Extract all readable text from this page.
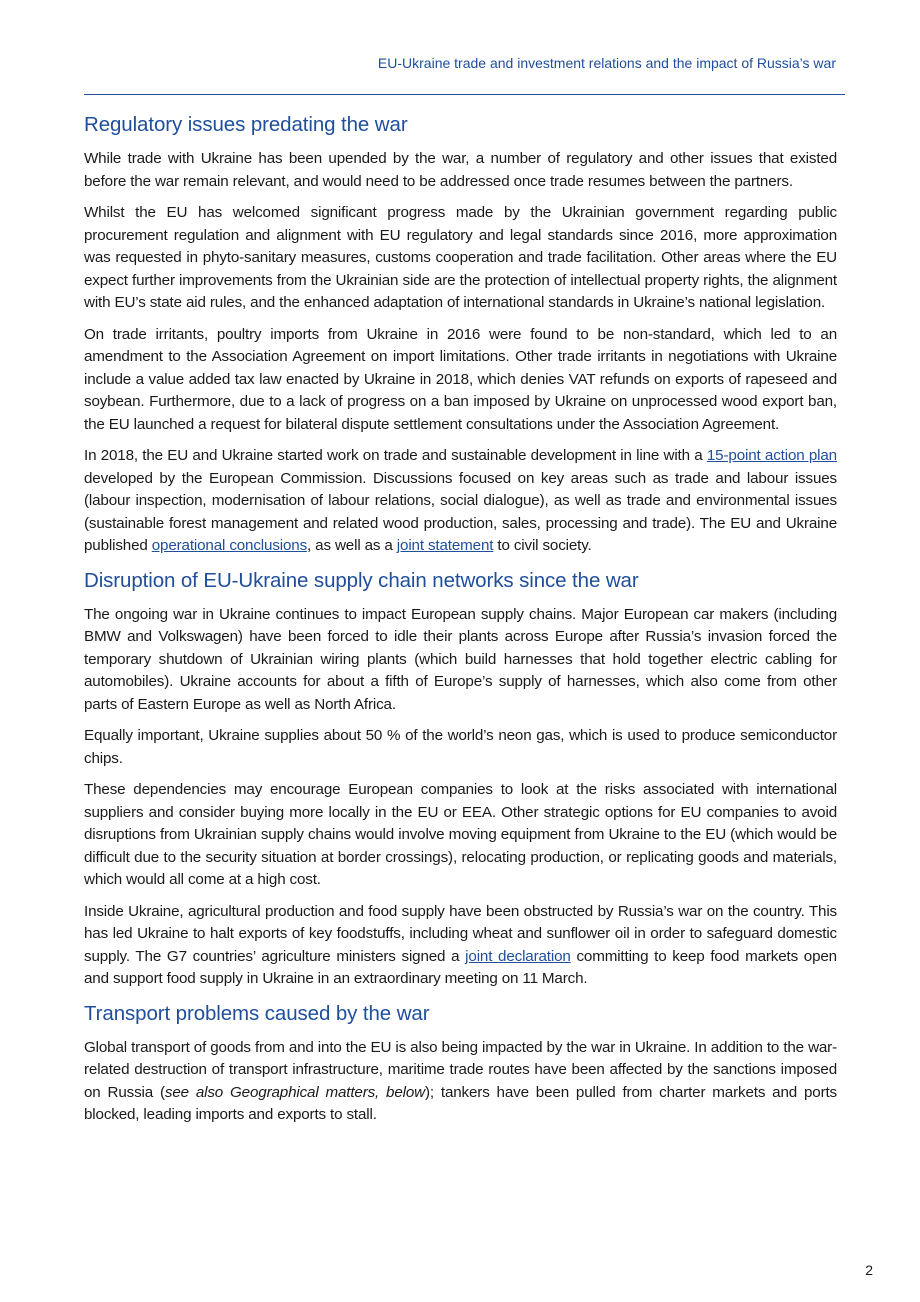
EU-Ukraine trade and investment relations and the impact of Russia’s war
Regulatory issues predating the war

While trade with Ukraine has been upended by the war, a number of regulatory and other issues that existed before the war remain relevant, and would need to be addressed once trade resumes between the partners.

Whilst the EU has welcomed significant progress made by the Ukrainian government regarding public procurement regulation and alignment with EU regulatory and legal standards since 2016, more approximation was requested in phyto-sanitary measures, customs cooperation and trade facilitation. Other areas where the EU expect further improvements from the Ukrainian side are the protection of intellectual property rights, the alignment with EU’s state aid rules, and the enhanced adaptation of international standards in Ukraine’s national legislation.

On trade irritants, poultry imports from Ukraine in 2016 were found to be non-standard, which led to an amendment to the Association Agreement on import limitations. Other trade irritants in negotiations with Ukraine include a value added tax law enacted by Ukraine in 2018, which denies VAT refunds on exports of rapeseed and soybean. Furthermore, due to a lack of progress on a ban imposed by Ukraine on unprocessed wood export ban, the EU launched a request for bilateral dispute settlement consultations under the Association Agreement.

In 2018, the EU and Ukraine started work on trade and sustainable development in line with a 15-point action plan developed by the European Commission. Discussions focused on key areas such as trade and labour issues (labour inspection, modernisation of labour relations, social dialogue), as well as trade and environmental issues (sustainable forest management and related wood production, sales, processing and trade). The EU and Ukraine published operational conclusions, as well as a joint statement to civil society.

Disruption of EU-Ukraine supply chain networks since the war

The ongoing war in Ukraine continues to impact European supply chains. Major European car makers (including BMW and Volkswagen) have been forced to idle their plants across Europe after Russia’s invasion forced the temporary shutdown of Ukrainian wiring plants (which build harnesses that hold together electric cabling for automobiles). Ukraine accounts for about a fifth of Europe’s supply of harnesses, which also come from other parts of Eastern Europe as well as North Africa.

Equally important, Ukraine supplies about 50 % of the world’s neon gas, which is used to produce semiconductor chips.

These dependencies may encourage European companies to look at the risks associated with international suppliers and consider buying more locally in the EU or EEA. Other strategic options for EU companies to avoid disruptions from Ukrainian supply chains would involve moving equipment from Ukraine to the EU (which would be difficult due to the security situation at border crossings), relocating production, or replicating goods and materials, which would all come at a high cost.

Inside Ukraine, agricultural production and food supply have been obstructed by Russia’s war on the country. This has led Ukraine to halt exports of key foodstuffs, including wheat and sunflower oil in order to safeguard domestic supply. The G7 countries’ agriculture ministers signed a joint declaration committing to keep food markets open and support food supply in Ukraine in an extraordinary meeting on 11 March.

Transport problems caused by the war

Global transport of goods from and into the EU is also being impacted by the war in Ukraine. In addition to the war-related destruction of transport infrastructure, maritime trade routes have been affected by the sanctions imposed on Russia (see also Geographical matters, below); tankers have been pulled from charter markets and ports blocked, leading imports and exports to stall.

2
